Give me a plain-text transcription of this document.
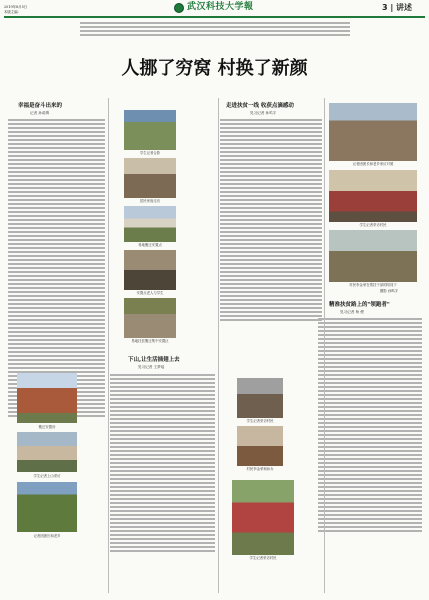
2019年8月5日
本版主编:	武汉科技大学報	3 | 讲述
人挪了穷窝 村换了新颜
幸福是奋斗出来的
记者 孙诺姆
学生记者合影
居民家庭走访
易地搬迁安置点
安置点老人与学生
易地扶贫搬迁集中安置区
搬迁安置房
学生记者上山采访
记者团团长和老乡
下山,让生活插翅上去
见习记者 王梦瑶
走进扶贫一线 收获点滴感动
见习记者 孙鸣宇
学生记者采访村民
村民李金荣和孙女
学生记者采访村民
记者团团长和老乡家访对照
学生记者采访村民
村民李金荣在帮扶干部的陪同下
摄影 孙鸣宇
精准扶贫路上的"领跑者"
见习记者 杨 俊
